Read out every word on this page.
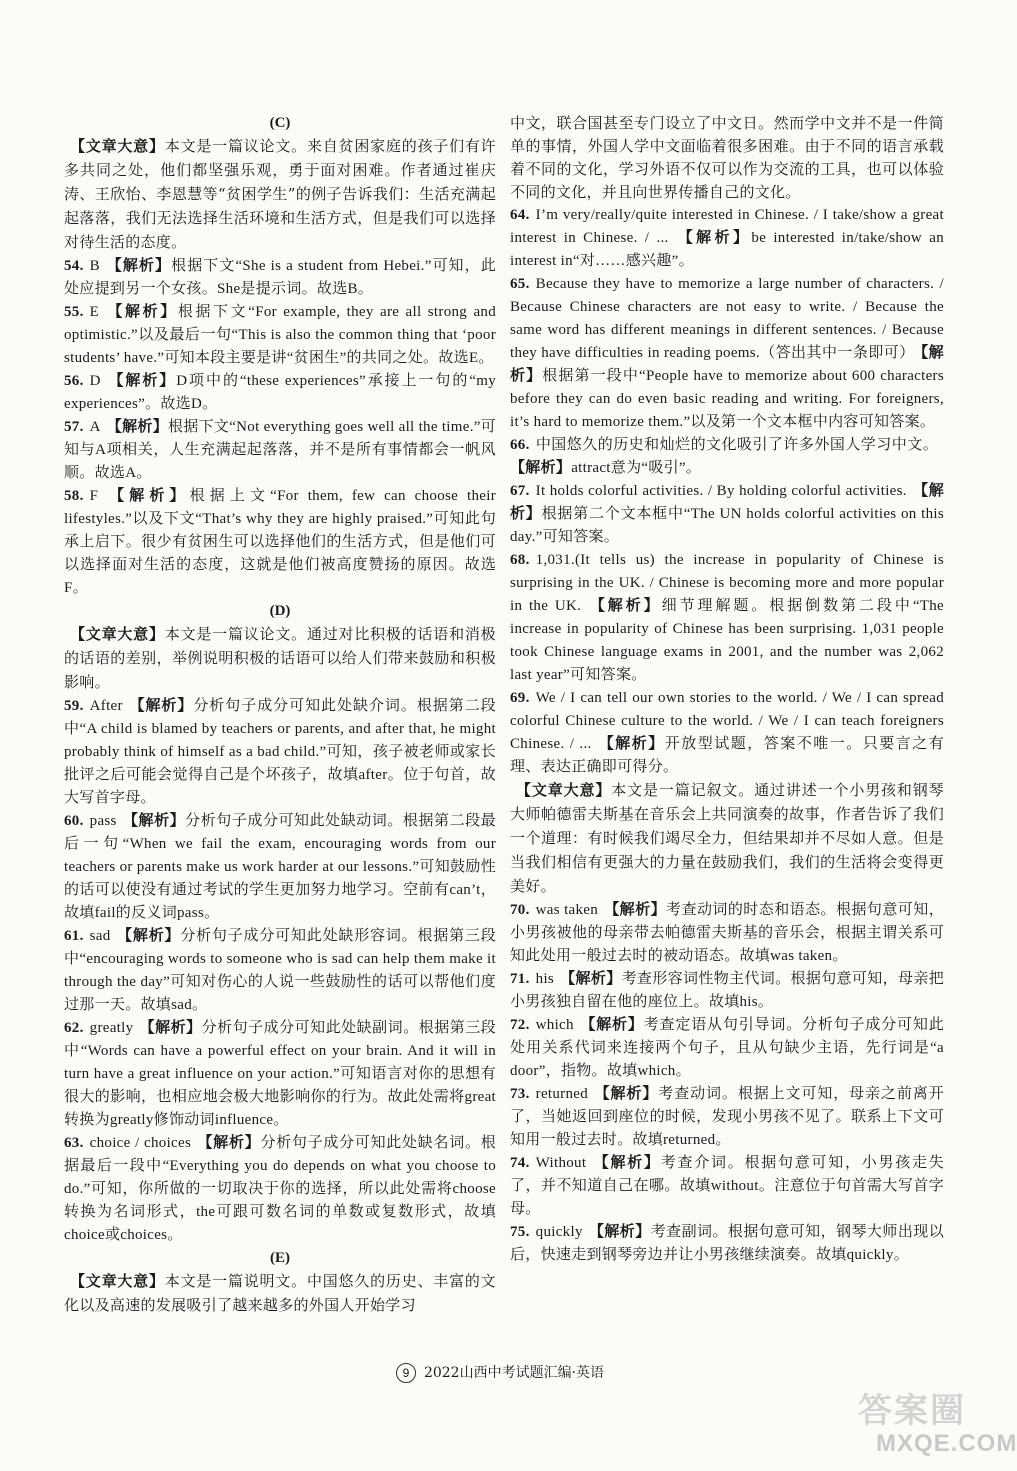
(C)

【文章大意】本文是一篇议论文。来自贫困家庭的孩子们有许多共同之处，他们都坚强乐观，勇于面对困难。作者通过崔庆涛、王欣怡、李恩慧等“贫困学生”的例子告诉我们：生活充满起起落落，我们无法选择生活环境和生活方式，但是我们可以选择对待生活的态度。

54. B 【解析】根据下文“She is a student from Hebei.”可知，此处应提到另一个女孩。She是提示词。故选B。

55. E 【解析】根据下文“For example, they are all strong and optimistic.”以及最后一句“This is also the common thing that ‘poor students’ have.”可知本段主要是讲“贫困生”的共同之处。故选E。

56. D 【解析】D项中的“these experiences”承接上一句的“my experiences”。故选D。

57. A 【解析】根据下文“Not everything goes well all the time.”可知与A项相关，人生充满起起落落，并不是所有事情都会一帆风顺。故选A。

58. F 【解析】根据上文“For them, few can choose their lifestyles.”以及下文“That’s why they are highly praised.”可知此句承上启下。很少有贫困生可以选择他们的生活方式，但是他们可以选择面对生活的态度，这就是他们被高度赞扬的原因。故选F。

(D)

【文章大意】本文是一篇议论文。通过对比积极的话语和消极的话语的差别，举例说明积极的话语可以给人们带来鼓励和积极影响。

59. After 【解析】分析句子成分可知此处缺介词。根据第二段中“A child is blamed by teachers or parents, and after that, he might probably think of himself as a bad child.”可知，孩子被老师或家长批评之后可能会觉得自己是个坏孩子，故填after。位于句首，故大写首字母。

60. pass 【解析】分析句子成分可知此处缺动词。根据第二段最后一句“When we fail the exam, encouraging words from our teachers or parents make us work harder at our lessons.”可知鼓励性的话可以使没有通过考试的学生更加努力地学习。空前有can’t，故填fail的反义词pass。

61. sad 【解析】分析句子成分可知此处缺形容词。根据第三段中“encouraging words to someone who is sad can help them make it through the day”可知对伤心的人说一些鼓励性的话可以帮他们度过那一天。故填sad。

62. greatly 【解析】分析句子成分可知此处缺副词。根据第三段中“Words can have a powerful effect on your brain. And it will in turn have a great influence on your action.”可知语言对你的思想有很大的影响，也相应地会极大地影响你的行为。故此处需将great转换为greatly修饰动词influence。

63. choice / choices 【解析】分析句子成分可知此处缺名词。根据最后一段中“Everything you do depends on what you choose to do.”可知，你所做的一切取决于你的选择，所以此处需将choose转换为名词形式，the可跟可数名词的单数或复数形式，故填choice或choices。

(E)

【文章大意】本文是一篇说明文。中国悠久的历史、丰富的文化以及高速的发展吸引了越来越多的外国人开始学习

中文，联合国甚至专门设立了中文日。然而学中文并不是一件简单的事情，外国人学中文面临着很多困难。由于不同的语言承载着不同的文化，学习外语不仅可以作为交流的工具，也可以体验不同的文化，并且向世界传播自己的文化。

64. I’m very/really/quite interested in Chinese. / I take/show a great interest in Chinese. / ... 【解析】be interested in/take/show an interest in“对……感兴趣”。

65. Because they have to memorize a large number of characters. / Because Chinese characters are not easy to write. / Because the same word has different meanings in different sentences. / Because they have difficulties in reading poems.（答出其中一条即可） 【解析】根据第一段中“People have to memorize about 600 characters before they can do even basic reading and writing. For foreigners, it’s hard to memorize them.”以及第一个文本框中内容可知答案。

66. 中国悠久的历史和灿烂的文化吸引了许多外国人学习中文。【解析】attract意为“吸引”。

67. It holds colorful activities. / By holding colorful activities. 【解析】根据第二个文本框中“The UN holds colorful activities on this day.”可知答案。

68. 1,031.(It tells us) the increase in popularity of Chinese is surprising in the UK. / Chinese is becoming more and more popular in the UK. 【解析】细节理解题。根据倒数第二段中“The increase in popularity of Chinese has been surprising. 1,031 people took Chinese language exams in 2001, and the number was 2,062 last year”可知答案。

69. We / I can tell our own stories to the world. / We / I can spread colorful Chinese culture to the world. / We / I can teach foreigners Chinese. / ... 【解析】开放型试题，答案不唯一。只要言之有理、表达正确即可得分。

【文章大意】本文是一篇记叙文。通过讲述一个小男孩和钢琴大师帕德雷夫斯基在音乐会上共同演奏的故事，作者告诉了我们一个道理：有时候我们竭尽全力，但结果却并不尽如人意。但是当我们相信有更强大的力量在鼓励我们，我们的生活将会变得更美好。

70. was taken 【解析】考查动词的时态和语态。根据句意可知，小男孩被他的母亲带去帕德雷夫斯基的音乐会，根据主谓关系可知此处用一般过去时的被动语态。故填was taken。

71. his 【解析】考查形容词性物主代词。根据句意可知，母亲把小男孩独自留在他的座位上。故填his。

72. which 【解析】考查定语从句引导词。分析句子成分可知此处用关系代词来连接两个句子，且从句缺少主语，先行词是“a door”，指物。故填which。

73. returned 【解析】考查动词。根据上文可知，母亲之前离开了，当她返回到座位的时候，发现小男孩不见了。联系上下文可知用一般过去时。故填returned。

74. Without 【解析】考查介词。根据句意可知，小男孩走失了，并不知道自己在哪。故填without。注意位于句首需大写首字母。

75. quickly 【解析】考查副词。根据句意可知，钢琴大师出现以后，快速走到钢琴旁边并让小男孩继续演奏。故填quickly。

9 2022山西中考试题汇编·英语
答案圈
MXQE.COM
